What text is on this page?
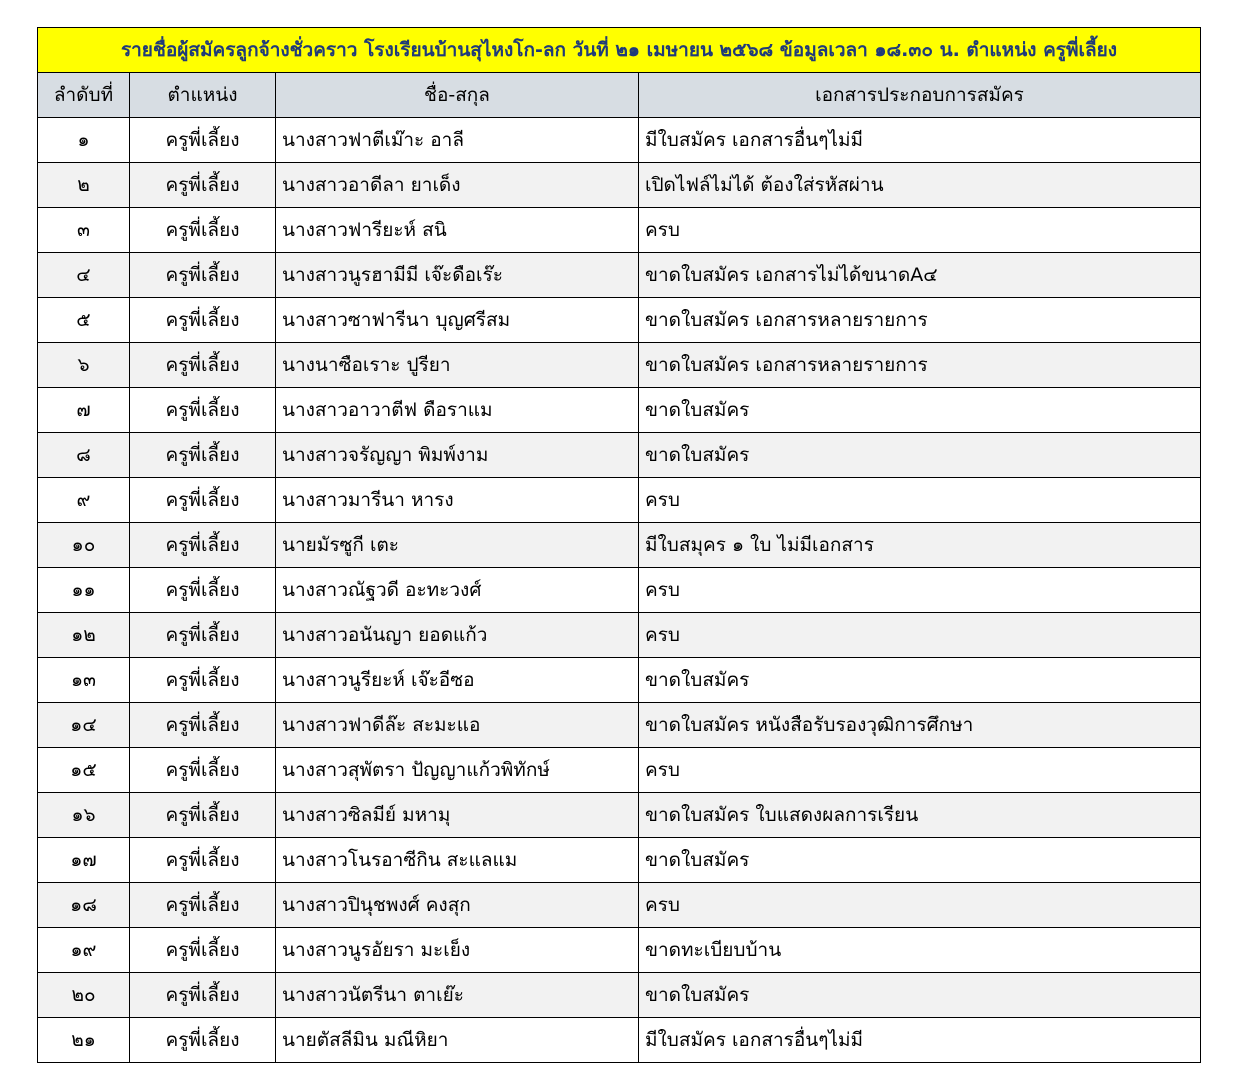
รายชื่อผู้สมัครลูกจ้างชั่วคราว โรงเรียนบ้านสุไหงโก-ลก วันที่ ๒๑ เมษายน ๒๕๖๘ ข้อมูลเวลา ๑๘.๓๐ น. ตำแหน่ง ครูพี่เลี้ยง			
ลำดับที่	ตำแหน่ง	ชื่อ-สกุล	เอกสารประกอบการสมัคร
๑	ครูพี่เลี้ยง	นางสาวฟาตีเม๊าะ อาลี	มีใบสมัคร เอกสารอื่นๆไม่มี
๒	ครูพี่เลี้ยง	นางสาวอาดีลา ยาเด็ง	เปิดไฟล์ไม่ได้ ต้องใส่รหัสผ่าน
๓	ครูพี่เลี้ยง	นางสาวฟารียะห์ สนิ	ครบ
๔	ครูพี่เลี้ยง	นางสาวนูรฮามีมี เจ๊ะดือเร๊ะ	ขาดใบสมัคร เอกสารไม่ได้ขนาดA๔
๕	ครูพี่เลี้ยง	นางสาวซาฟารีนา บุญศรีสม	ขาดใบสมัคร เอกสารหลายรายการ
๖	ครูพี่เลี้ยง	นางนาซือเราะ ปูรียา	ขาดใบสมัคร เอกสารหลายรายการ
๗	ครูพี่เลี้ยง	นางสาวอาวาตีฟ ดือราแม	ขาดใบสมัคร
๘	ครูพี่เลี้ยง	นางสาวจรัญญา พิมพ์งาม	ขาดใบสมัคร
๙	ครูพี่เลี้ยง	นางสาวมารีนา หารง	ครบ
๑๐	ครูพี่เลี้ยง	นายมัรซูกี เตะ	มีใบสมุคร ๑ ใบ ไม่มีเอกสาร
๑๑	ครูพี่เลี้ยง	นางสาวณัฐวดี อะทะวงศ์	ครบ
๑๒	ครูพี่เลี้ยง	นางสาวอนันญา ยอดแก้ว	ครบ
๑๓	ครูพี่เลี้ยง	นางสาวนูรียะห์ เจ๊ะอีซอ	ขาดใบสมัคร
๑๔	ครูพี่เลี้ยง	นางสาวฟาดีล๊ะ สะมะแอ	ขาดใบสมัคร หนังสือรับรองวุฒิการศึกษา
๑๕	ครูพี่เลี้ยง	นางสาวสุพัตรา ปัญญาแก้วพิทักษ์	ครบ
๑๖	ครูพี่เลี้ยง	นางสาวซิลมีย์ มหามุ	ขาดใบสมัคร ใบแสดงผลการเรียน
๑๗	ครูพี่เลี้ยง	นางสาวโนรอาซีกิน สะแลแม	ขาดใบสมัคร
๑๘	ครูพี่เลี้ยง	นางสาวปินุชพงศ์ คงสุก	ครบ
๑๙	ครูพี่เลี้ยง	นางสาวนูรอัยรา มะเย็ง	ขาดทะเบียบบ้าน
๒๐	ครูพี่เลี้ยง	นางสาวนัตรีนา ตาเย๊ะ	ขาดใบสมัคร
๒๑	ครูพี่เลี้ยง	นายตัสลีมิน มณีหิยา	มีใบสมัคร เอกสารอื่นๆไม่มี
